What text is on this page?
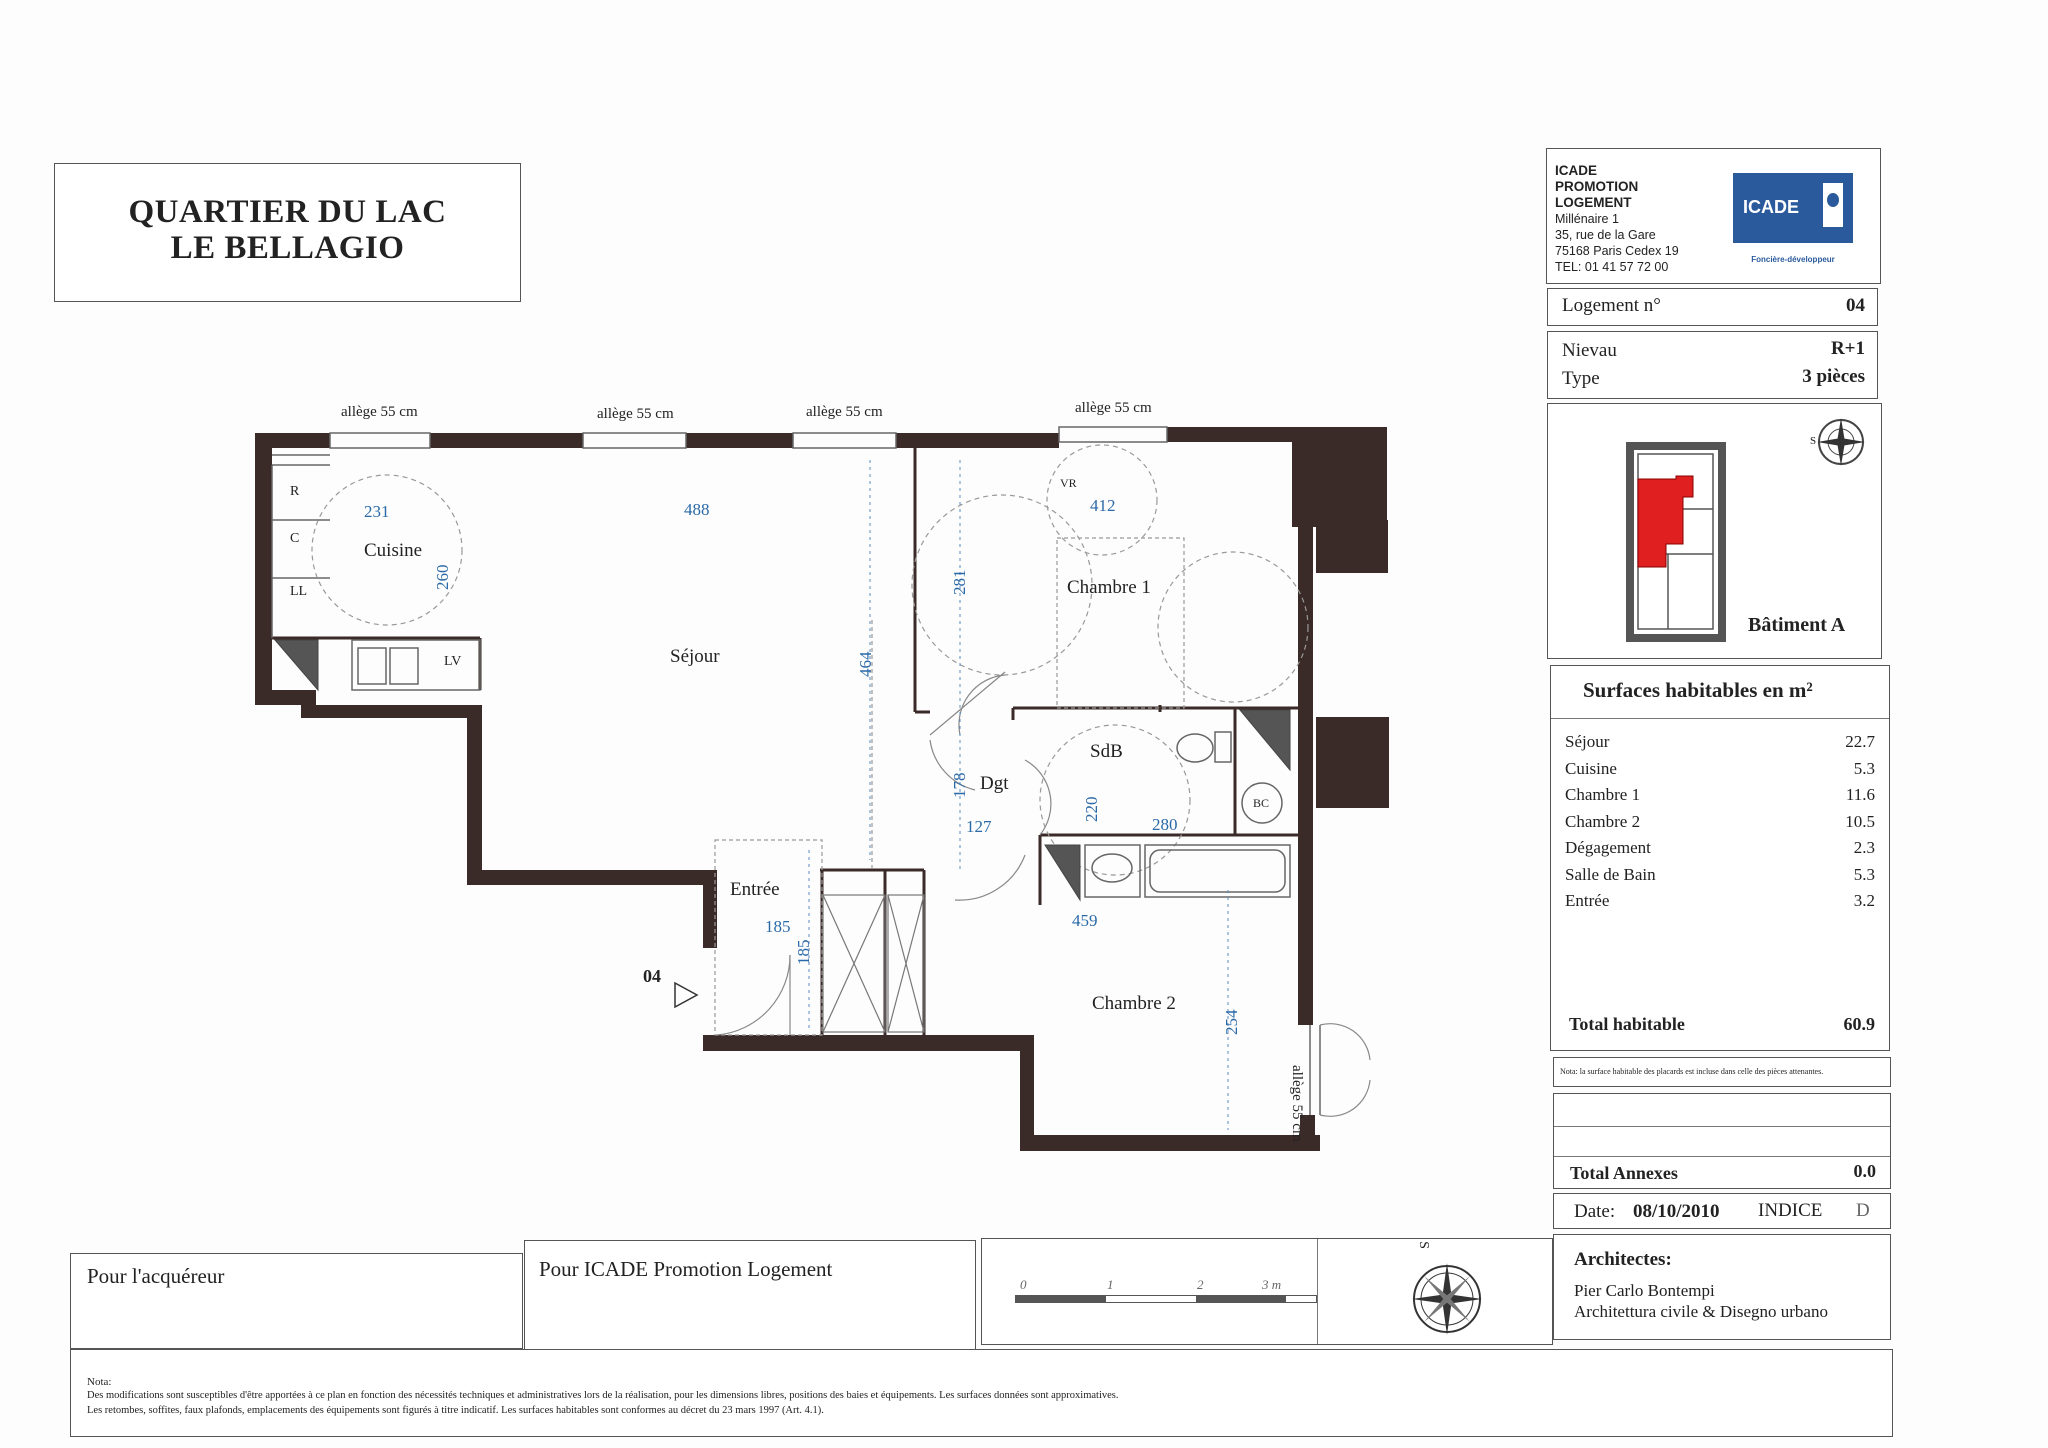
QUARTIER DU LAC
LE BELLAGIO
allège 55 cm	allège 55 cm	allège 55 cm	allège 55 cm
allège 55 cm
Cuisine
Séjour
Chambre 1
Chambre 2
SdB
Dgt
Entrée
R
C
LL
LV
BC
VR
04
231	488	412
260
464
281
178
127
220
280
459
185
185
254
ICADE
PROMOTION
LOGEMENT
Millénaire 1
35, rue de la Gare
75168 Paris Cedex 19
TEL: 01 41 57 72 00
ICADE
Foncière-développeur
Logement n°	04
Nievau	R+1
Type	3 pièces
S
Bâtiment A
Surfaces habitables en m²
Séjour	22.7
Cuisine	5.3
Chambre 1	11.6
Chambre 2	10.5
Dégagement	2.3
Salle de Bain	5.3
Entrée	3.2
Total habitable	60.9
Nota: la surface habitable des placards est incluse dans celle des pièces attenantes.
Total Annexes	0.0
Date: 08/10/2010 INDICE D
Architectes:
Pier Carlo Bontempi
Architettura civile & Disegno urbano
Pour l'acquéreur	Pour ICADE Promotion Logement
0	1	2	3 m
S
Nota:
Des modifications sont susceptibles d'être apportées à ce plan en fonction des nécessités techniques et administratives lors de la réalisation, pour les dimensions libres, positions des baies et équipements. Les surfaces données sont approximatives.
Les retombes, soffites, faux plafonds, emplacements des équipements sont figurés à titre indicatif. Les surfaces habitables sont conformes au décret du 23 mars 1997 (Art. 4.1).
